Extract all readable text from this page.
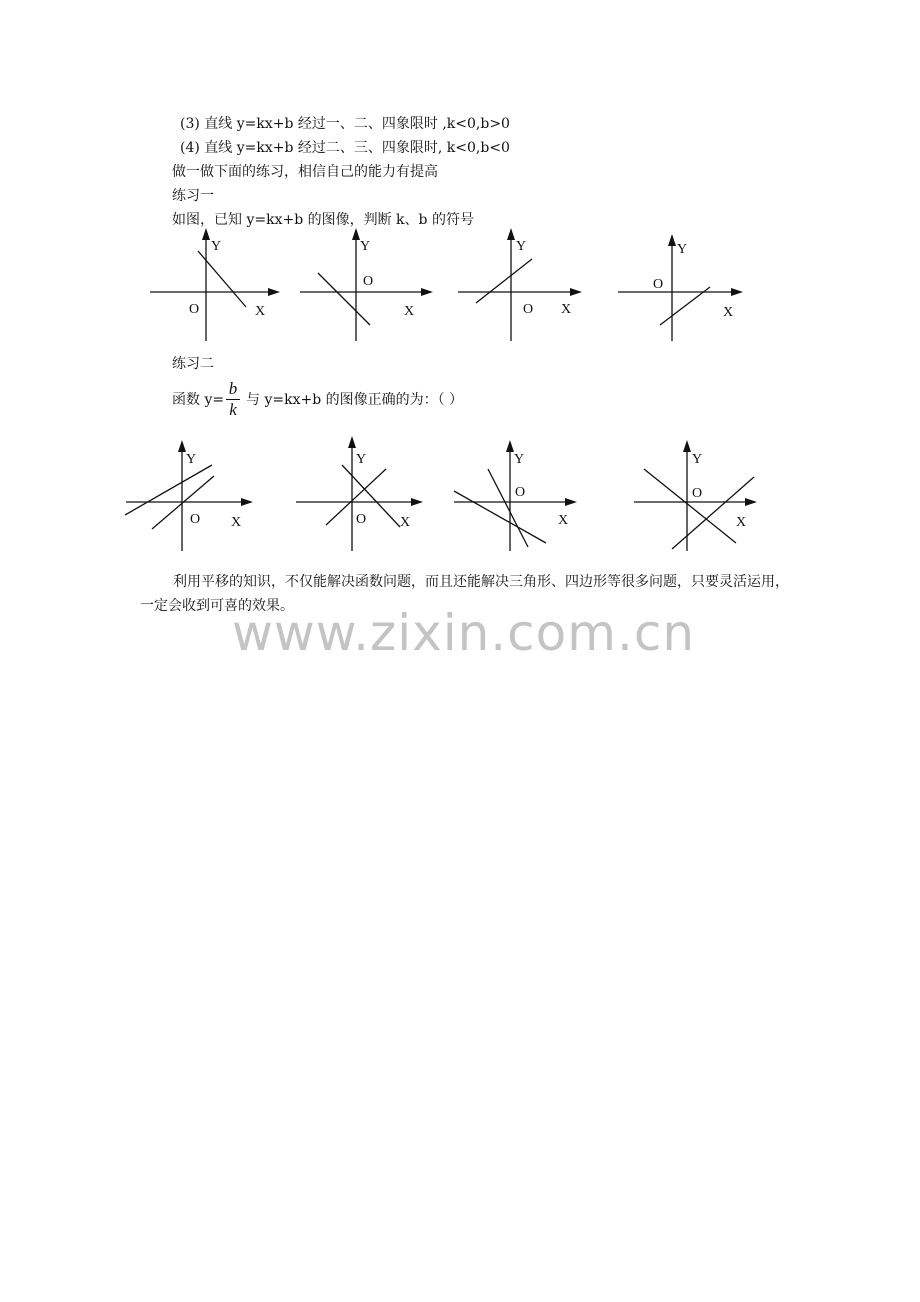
(3) 直线 y=kx+b 经过一、二、四象限时 ,k<0,b>0
(4) 直线 y=kx+b 经过二、三、四象限时, k<0,b<0
做一做下面的练习，相信自己的能力有提高
练习一
如图，已知 y=kx+b 的图像，判断 k、b 的符号
Y
O	X
Y
O
X
Y
O X
Y
O
X
练习二
函数 y=
b
k 与 y=kx+b 的图像正确的为：（ ）
Y
O X
Y
O X
Y
O
X
Y
O
X
利用平移的知识，不仅能解决函数问题，而且还能解决三角形、四边形等很多问题，只要灵活运用，一定会收到可喜的效果。
www.zixin.com.cn
